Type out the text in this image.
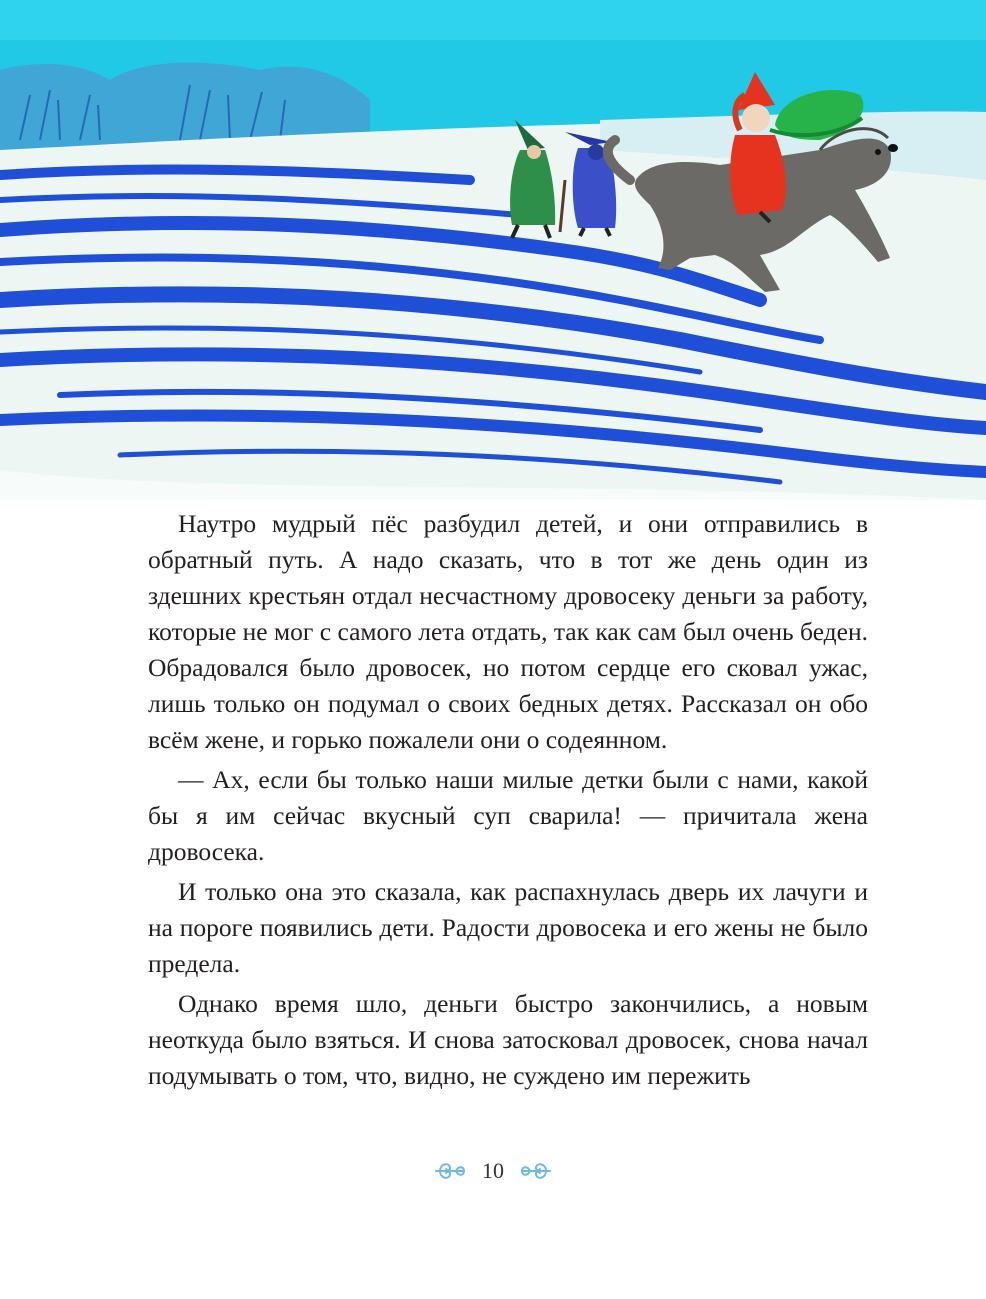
Наутро мудрый пёс разбудил детей, и они отправились в обратный путь. А надо сказать, что в тот же день один из здешних крестьян отдал несчастному дровосеку деньги за работу, которые не мог с самого лета отдать, так как сам был очень беден. Обрадовался было дровосек, но потом сердце его сковал ужас, лишь только он подумал о своих бедных детях. Рассказал он обо всём жене, и горько пожалели они о содеянном.

— Ах, если бы только наши милые детки были с нами, какой бы я им сейчас вкусный суп сварила! — причитала жена дровосека.

И только она это сказала, как распахнулась дверь их лачуги и на пороге появились дети. Радости дровосека и его жены не было предела.

Однако время шло, деньги быстро закончились, а новым неоткуда было взяться. И снова затосковал дровосек, снова начал подумывать о том, что, видно, не суждено им пережить

10
